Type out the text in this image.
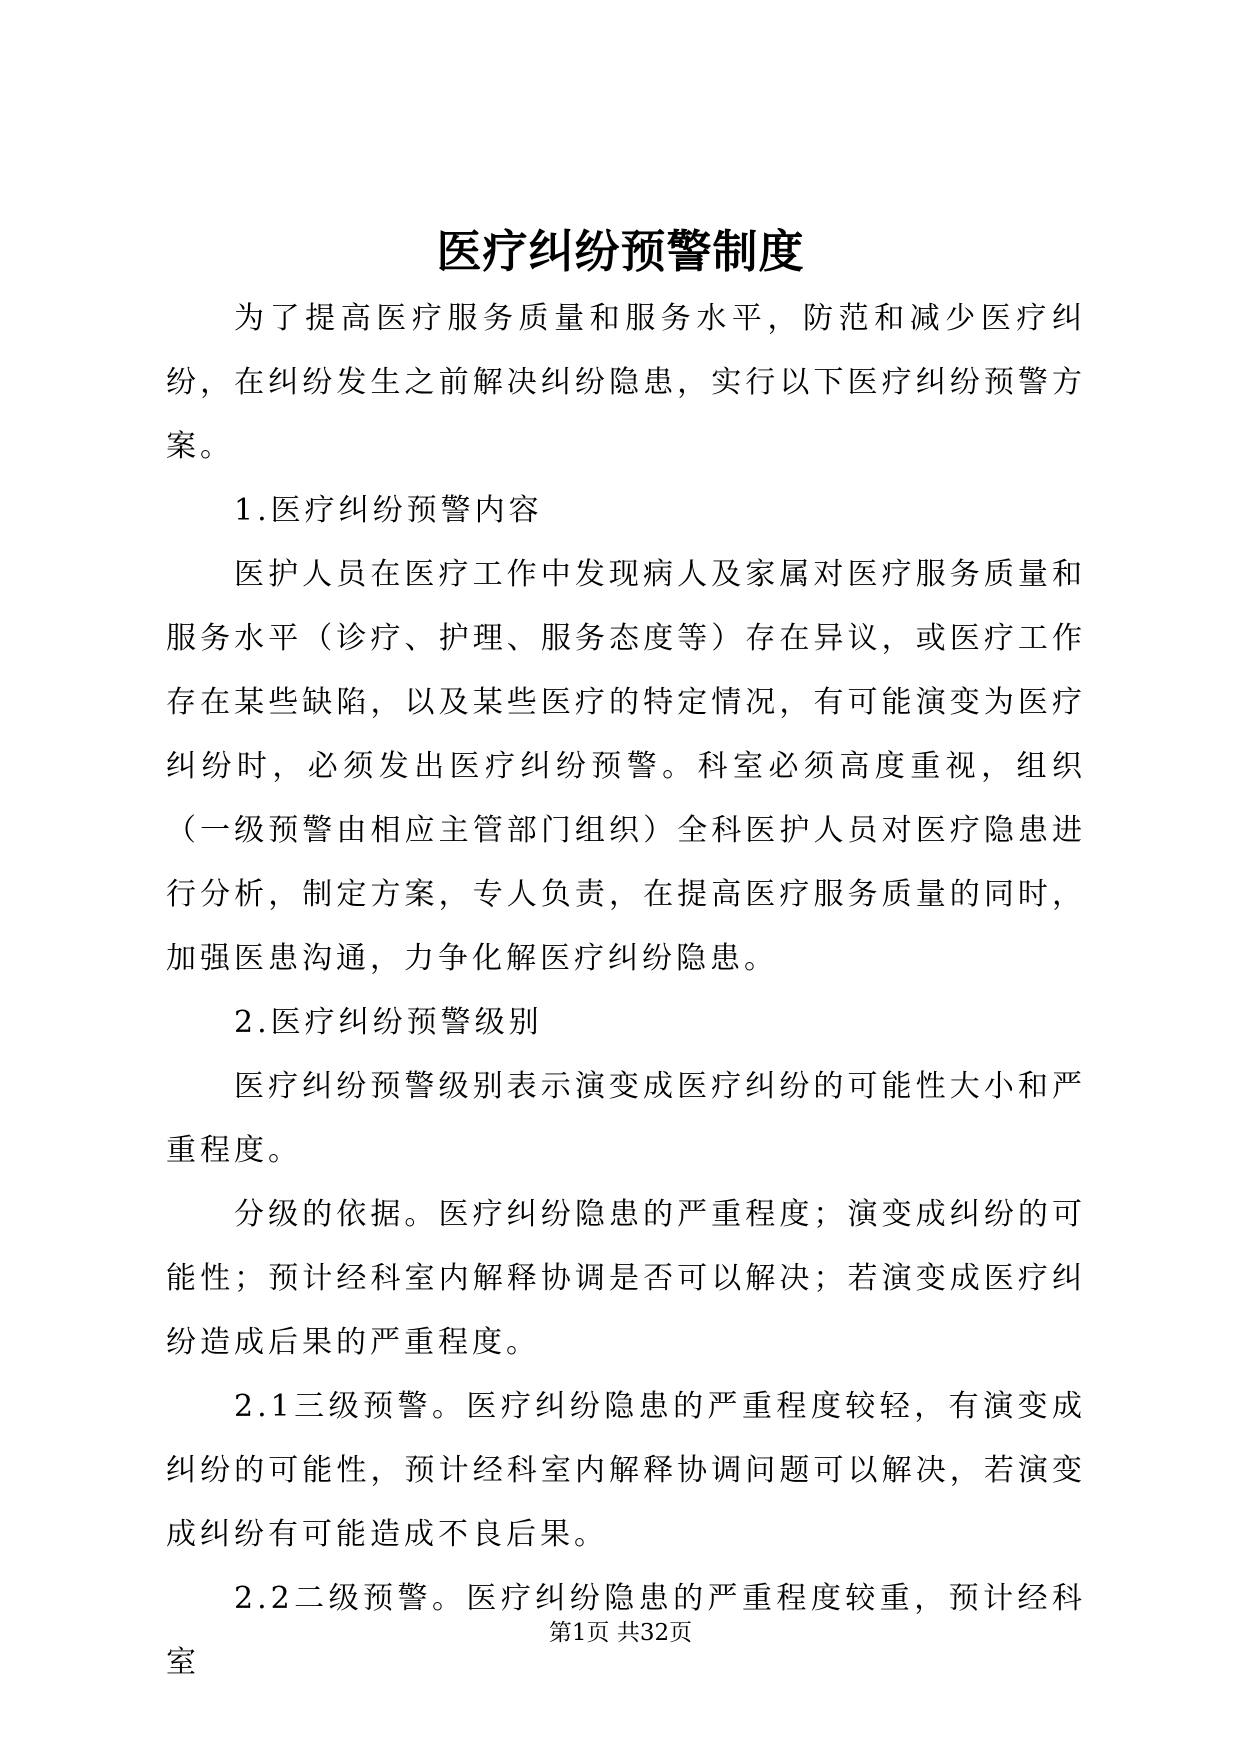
医疗纠纷预警制度

为了提高医疗服务质量和服务水平，防范和减少医疗纠纷，在纠纷发生之前解决纠纷隐患，实行以下医疗纠纷预警方案。

1.医疗纠纷预警内容

医护人员在医疗工作中发现病人及家属对医疗服务质量和服务水平（诊疗、护理、服务态度等）存在异议，或医疗工作存在某些缺陷，以及某些医疗的特定情况，有可能演变为医疗纠纷时，必须发出医疗纠纷预警。科室必须高度重视，组织（一级预警由相应主管部门组织）全科医护人员对医疗隐患进行分析，制定方案，专人负责，在提高医疗服务质量的同时，加强医患沟通，力争化解医疗纠纷隐患。

2.医疗纠纷预警级别

医疗纠纷预警级别表示演变成医疗纠纷的可能性大小和严重程度。

分级的依据。医疗纠纷隐患的严重程度；演变成纠纷的可能性；预计经科室内解释协调是否可以解决；若演变成医疗纠纷造成后果的严重程度。

2.1三级预警。医疗纠纷隐患的严重程度较轻，有演变成纠纷的可能性，预计经科室内解释协调问题可以解决，若演变成纠纷有可能造成不良后果。

2.2二级预警。医疗纠纷隐患的严重程度较重，预计经科室

第1页 共32页
